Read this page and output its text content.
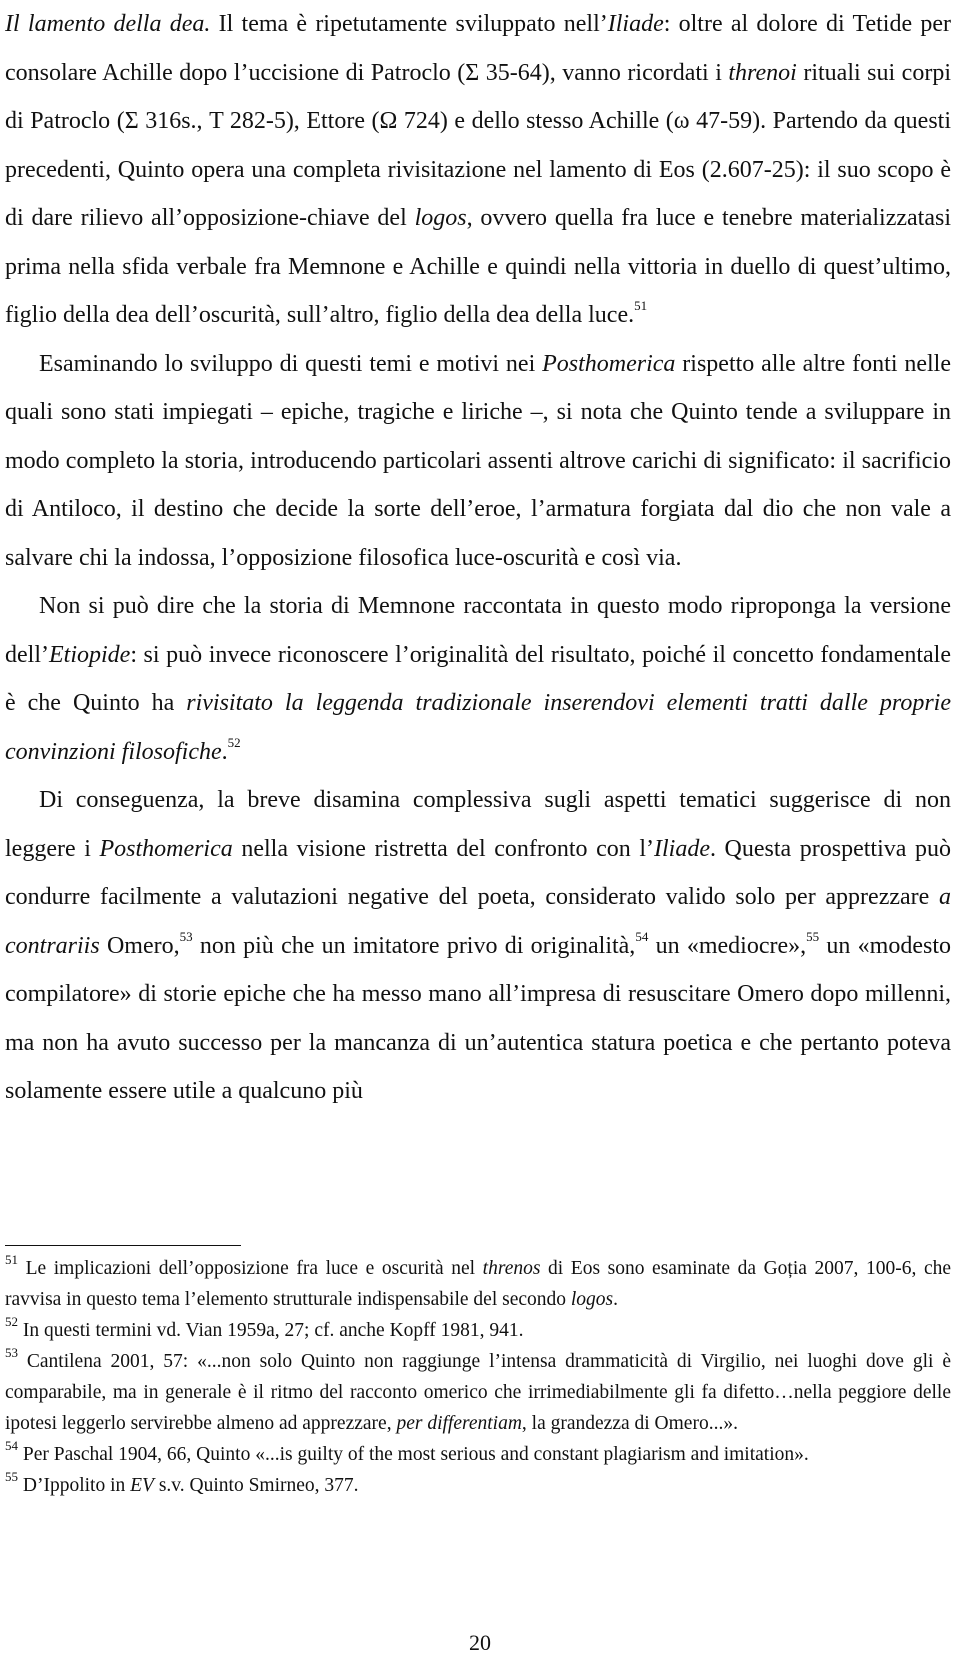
Il lamento della dea. Il tema è ripetutamente sviluppato nell’Iliade: oltre al dolore di Tetide per consolare Achille dopo l’uccisione di Patroclo (Σ 35-64), vanno ricordati i threnoi rituali sui corpi di Patroclo (Σ 316s., Τ 282-5), Ettore (Ω 724) e dello stesso Achille (ω 47-59). Partendo da questi precedenti, Quinto opera una completa rivisitazione nel lamento di Eos (2.607-25): il suo scopo è di dare rilievo all’opposizione-chiave del logos, ovvero quella fra luce e tenebre materializzatasi prima nella sfida verbale fra Memnone e Achille e quindi nella vittoria in duello di quest’ultimo, figlio della dea dell’oscurità, sull’altro, figlio della dea della luce.$^{51}$

Esaminando lo sviluppo di questi temi e motivi nei Posthomerica rispetto alle altre fonti nelle quali sono stati impiegati – epiche, tragiche e liriche –, si nota che Quinto tende a sviluppare in modo completo la storia, introducendo particolari assenti altrove carichi di significato: il sacrificio di Antiloco, il destino che decide la sorte dell’eroe, l’armatura forgiata dal dio che non vale a salvare chi la indossa, l’opposizione filosofica luce-oscurità e così via.

Non si può dire che la storia di Memnone raccontata in questo modo riproponga la versione dell’Etiopide: si può invece riconoscere l’originalità del risultato, poiché il concetto fondamentale è che Quinto ha rivisitato la leggenda tradizionale inserendovi elementi tratti dalle proprie convinzioni filosofiche.$^{52}$

Di conseguenza, la breve disamina complessiva sugli aspetti tematici suggerisce di non leggere i Posthomerica nella visione ristretta del confronto con l’Iliade. Questa prospettiva può condurre facilmente a valutazioni negative del poeta, considerato valido solo per apprezzare a contrariis Omero,$^{53}$ non più che un imitatore privo di originalità,$^{54}$ un «mediocre»,$^{55}$ un «modesto compilatore» di storie epiche che ha messo mano all’impresa di resuscitare Omero dopo millenni, ma non ha avuto successo per la mancanza di un’autentica statura poetica e che pertanto poteva solamente essere utile a qualcuno più

$^{51}$ Le implicazioni dell’opposizione fra luce e oscurità nel threnos di Eos sono esaminate da Goția 2007, 100-6, che ravvisa in questo tema l’elemento strutturale indispensabile del secondo logos.

$^{52}$ In questi termini vd. Vian 1959a, 27; cf. anche Kopff 1981, 941.

$^{53}$ Cantilena 2001, 57: «...non solo Quinto non raggiunge l’intensa drammaticità di Virgilio, nei luoghi dove gli è comparabile, ma in generale è il ritmo del racconto omerico che irrimediabilmente gli fa difetto…nella peggiore delle ipotesi leggerlo servirebbe almeno ad apprezzare, per differentiam, la grandezza di Omero...».

$^{54}$ Per Paschal 1904, 66, Quinto «...is guilty of the most serious and constant plagiarism and imitation».

$^{55}$ D’Ippolito in EV s.v. Quinto Smirneo, 377.

20
